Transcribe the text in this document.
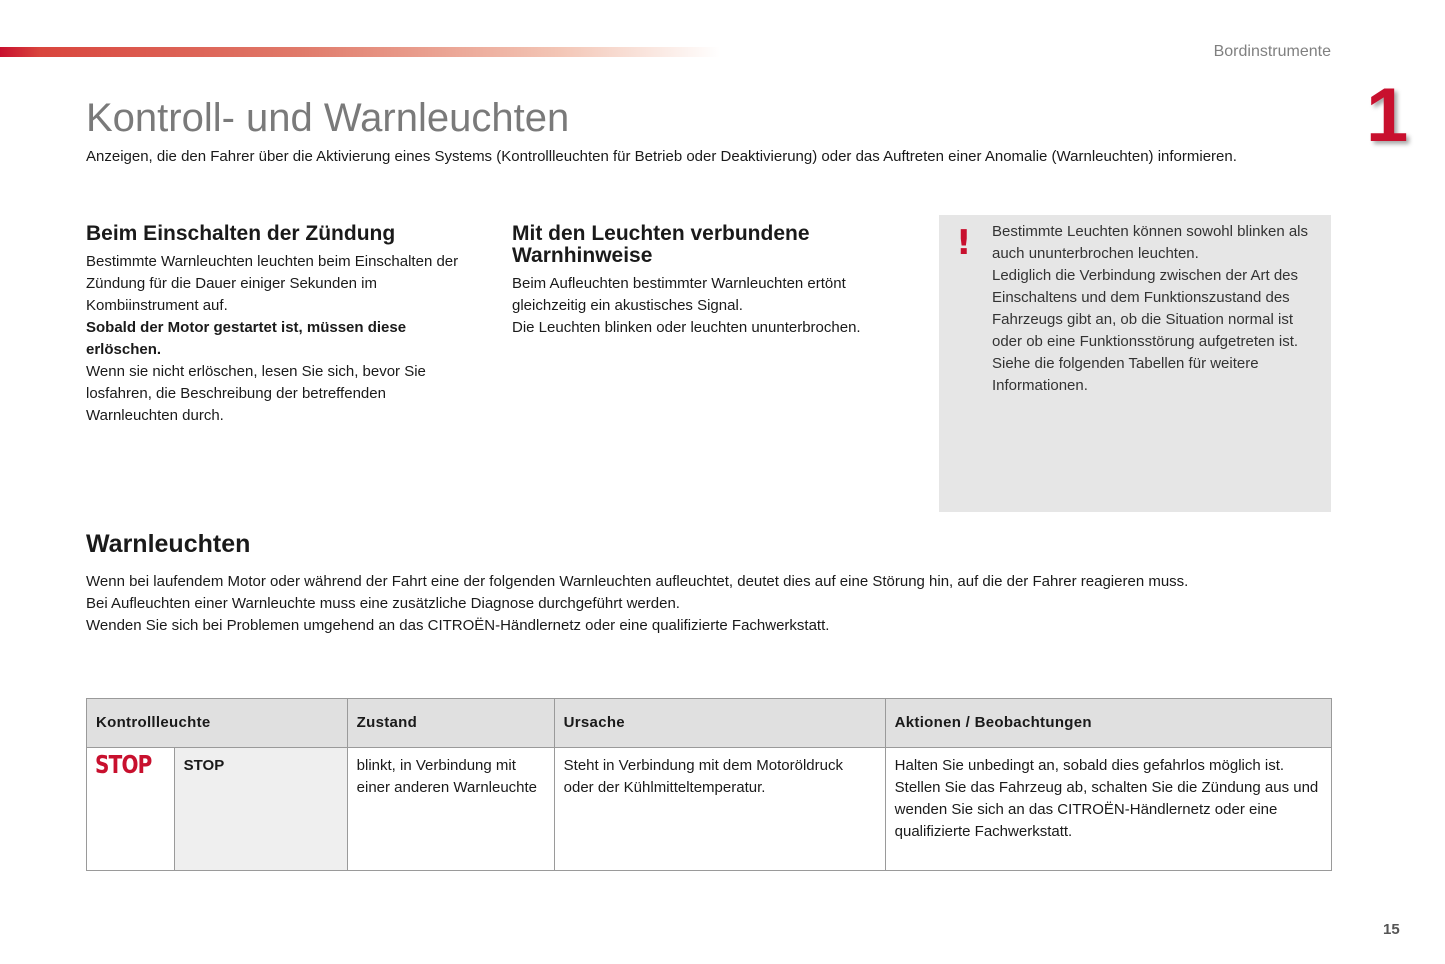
Bordinstrumente
1
Kontroll- und Warnleuchten

Anzeigen, die den Fahrer über die Aktivierung eines Systems (Kontrollleuchten für Betrieb oder Deaktivierung) oder das Auftreten einer Anomalie (Warnleuchten) informieren.

Beim Einschalten der Zündung

Bestimmte Warnleuchten leuchten beim Einschalten der Zündung für die Dauer einiger Sekunden im Kombiinstrument auf.

Sobald der Motor gestartet ist, müssen diese erlöschen.

Wenn sie nicht erlöschen, lesen Sie sich, bevor Sie losfahren, die Beschreibung der betreffenden Warnleuchten durch.

Mit den Leuchten verbundene Warnhinweise

Beim Aufleuchten bestimmter Warnleuchten ertönt gleichzeitig ein akustisches Signal.

Die Leuchten blinken oder leuchten ununterbrochen.

! Bestimmte Leuchten können sowohl blinken als auch ununterbrochen leuchten.

Lediglich die Verbindung zwischen der Art des Einschaltens und dem Funktionszustand des Fahrzeugs gibt an, ob die Situation normal ist oder ob eine Funktionsstörung aufgetreten ist.

Siehe die folgenden Tabellen für weitere Informationen.

Warnleuchten

Wenn bei laufendem Motor oder während der Fahrt eine der folgenden Warnleuchten aufleuchtet, deutet dies auf eine Störung hin, auf die der Fahrer reagieren muss.

Bei Aufleuchten einer Warnleuchte muss eine zusätzliche Diagnose durchgeführt werden.

Wenden Sie sich bei Problemen umgehend an das CITROËN-Händlernetz oder eine qualifizierte Fachwerkstatt.

Kontrollleuchte		Zustand	Ursache	Aktionen / Beobachtungen
STOP	STOP	blinkt, in Verbindung mit einer anderen Warnleuchte	Steht in Verbindung mit dem Motoröldruck oder der Kühlmitteltemperatur.	Halten Sie unbedingt an, sobald dies gefahrlos möglich ist. Stellen Sie das Fahrzeug ab, schalten Sie die Zündung aus und wenden Sie sich an das CITROËN-Händlernetz oder eine qualifizierte Fachwerkstatt.
15
